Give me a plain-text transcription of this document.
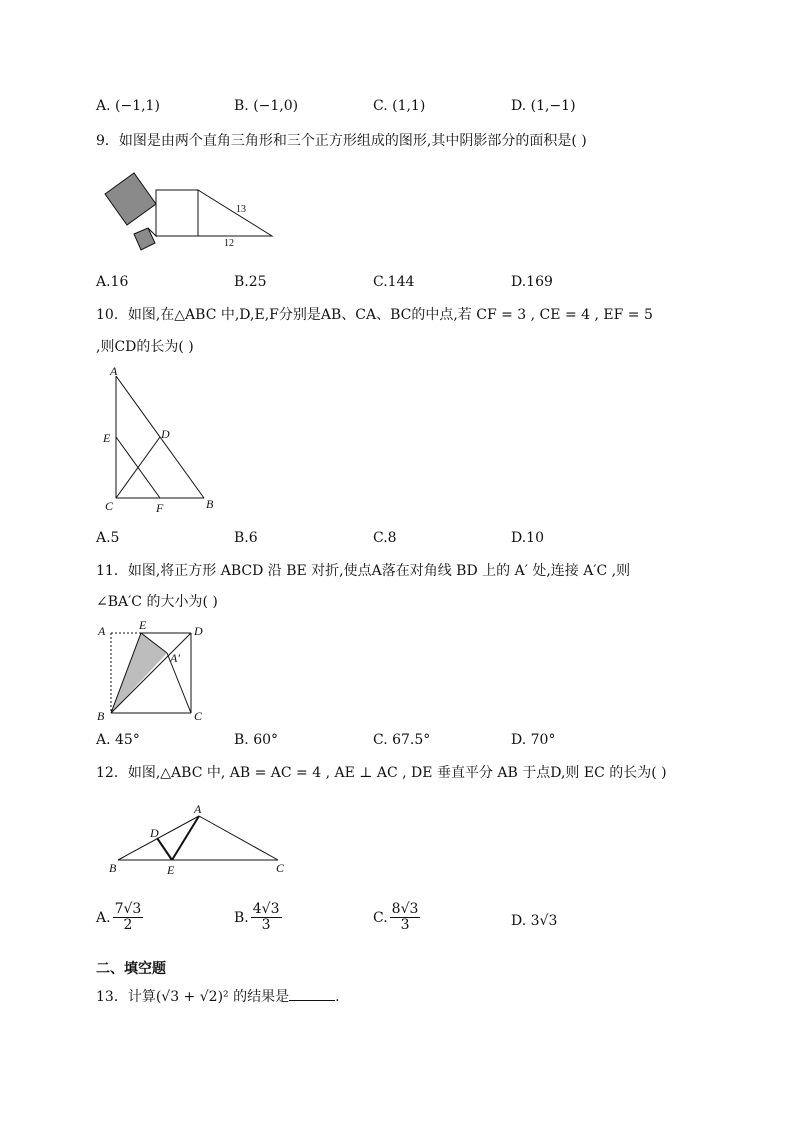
A. (−1,1)	B. (−1,0)	C. (1,1)	D. (1,−1)
9．如图是由两个直角三角形和三个正方形组成的图形,其中阴影部分的面积是( )
13
12
A.16	B.25	C.144	D.169
10．如图,在△ABC 中,D,E,F分别是AB、CA、BC的中点,若 CF = 3 , CE = 4 , EF = 5
,则CD的长为( )
A
E	D
C	F	B
A.5	B.6	C.8	D.10
11．如图,将正方形 ABCD 沿 BE 对折,使点A落在对角线 BD 上的 A′ 处,连接 A′C ,则
∠BA′C 的大小为( )
A	E	D
A′
B	C
A. 45°	B. 60°	C. 67.5°	D. 70°
12．如图,△ABC 中, AB = AC = 4 , AE ⊥ AC , DE 垂直平分 AB 于点D,则 EC 的长为( )
A
D
B	E	C
A. $\frac{7√3}{2}$	B. $\frac{4√3}{3}$	C. $\frac{8√3}{3}$	D. 3√3
二、填空题
13．计算(√3 + √2)² 的结果是	.
